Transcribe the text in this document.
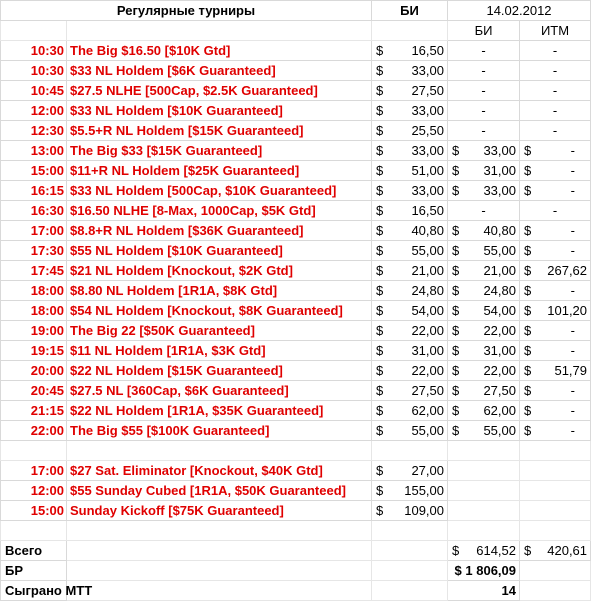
Регулярные турниры		БИ	14.02.2012	
			БИ	ИТМ
10:30	The Big $16.50 [$10K Gtd]	$ 16,50	-	-
10:30	$33 NL Holdem [$6K Guaranteed]	$ 33,00	-	-
10:45	$27.5 NLHE [500Cap, $2.5K Guaranteed]	$ 27,50	-	-
12:00	$33 NL Holdem [$10K Guaranteed]	$ 33,00	-	-
12:30	$5.5+R NL Holdem [$15K Guaranteed]	$ 25,50	-	-
13:00	The Big $33 [$15K Guaranteed]	$ 33,00	$ 33,00	$ -

15:00	$11+R NL Holdem [$25K Guaranteed]	$ 51,00	$ 31,00	$ -

16:15	$33 NL Holdem [500Cap, $10K Guaranteed]	$ 33,00	$ 33,00	$ -

16:30	$16.50 NLHE [8-Max, 1000Cap, $5K Gtd]	$ 16,50	-	-
17:00	$8.8+R NL Holdem [$36K Guaranteed]	$ 40,80	$ 40,80	$ -

17:30	$55 NL Holdem [$10K Guaranteed]	$ 55,00	$ 55,00	$ -

17:45	$21 NL Holdem [Knockout, $2K Gtd]	$ 21,00	$ 21,00	$ 267,62

18:00	$8.80 NL Holdem [1R1A, $8K Gtd]	$ 24,80	$ 24,80	$ -

18:00	$54 NL Holdem [Knockout, $8K Guaranteed]	$ 54,00	$ 54,00	$ 101,20

19:00	The Big 22 [$50K Guaranteed]	$ 22,00	$ 22,00	$ -

19:15	$11 NL Holdem [1R1A, $3K Gtd]	$ 31,00	$ 31,00	$ -

20:00	$22 NL Holdem [$15K Guaranteed]	$ 22,00	$ 22,00	$ 51,79

20:45	$27.5 NL [360Cap, $6K Guaranteed]	$ 27,50	$ 27,50	$ -

21:15	$22 NL Holdem [1R1A, $35K Guaranteed]	$ 62,00	$ 62,00	$ -

22:00	The Big $55 [$100K Guaranteed]	$ 55,00	$ 55,00	$ -

17:00	$27 Sat. Eliminator [Knockout, $40K Gtd]	$ 27,00		

12:00	$55 Sunday Cubed [1R1A, $50K Guaranteed]	$ 155,00		

15:00	Sunday Kickoff [$75K Guaranteed]	$ 109,00		

Всего			$ 614,52	$ 420,61

БР			$ 1 806,09	
Сыграно МТТ			14	
